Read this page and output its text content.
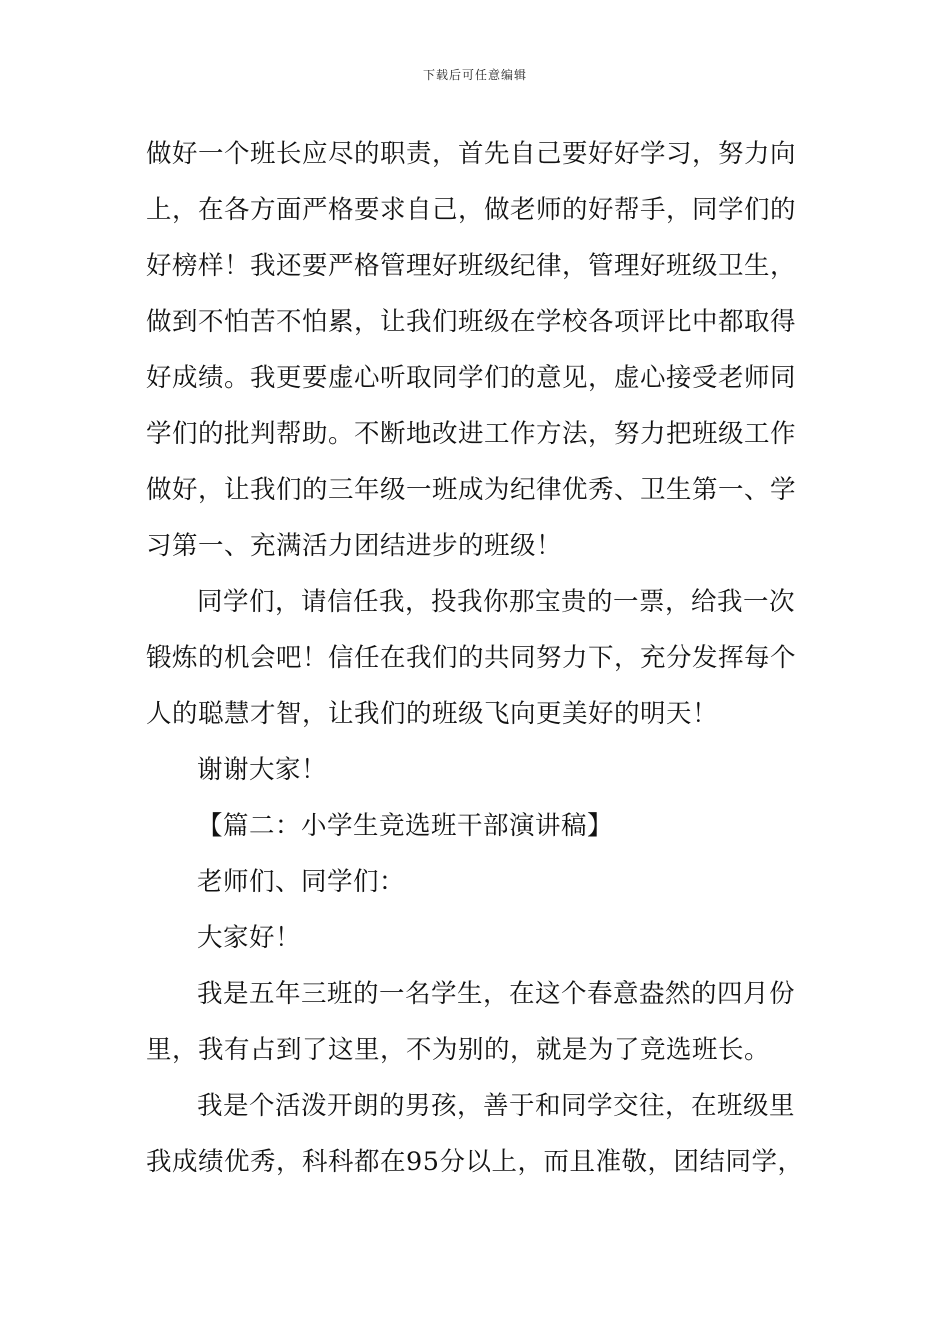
下载后可任意编辑
做好一个班长应尽的职责，首先自己要好好学习，努力向
上，在各方面严格要求自己，做老师的好帮手，同学们的
好榜样！我还要严格管理好班级纪律，管理好班级卫生，
做到不怕苦不怕累，让我们班级在学校各项评比中都取得
好成绩。我更要虚心听取同学们的意见，虚心接受老师同
学们的批判帮助。不断地改进工作方法，努力把班级工作
做好，让我们的三年级一班成为纪律优秀、卫生第一、学
习第一、充满活力团结进步的班级！
同学们，请信任我，投我你那宝贵的一票，给我一次
锻炼的机会吧！信任在我们的共同努力下，充分发挥每个
人的聪慧才智，让我们的班级飞向更美好的明天！
谢谢大家！
【篇二：小学生竞选班干部演讲稿】
老师们、同学们：
大家好！
我是五年三班的一名学生，在这个春意盎然的四月份
里，我有占到了这里，不为别的，就是为了竞选班长。
我是个活泼开朗的男孩，善于和同学交往，在班级里
我成绩优秀，科科都在95分以上，而且准敬，团结同学，
